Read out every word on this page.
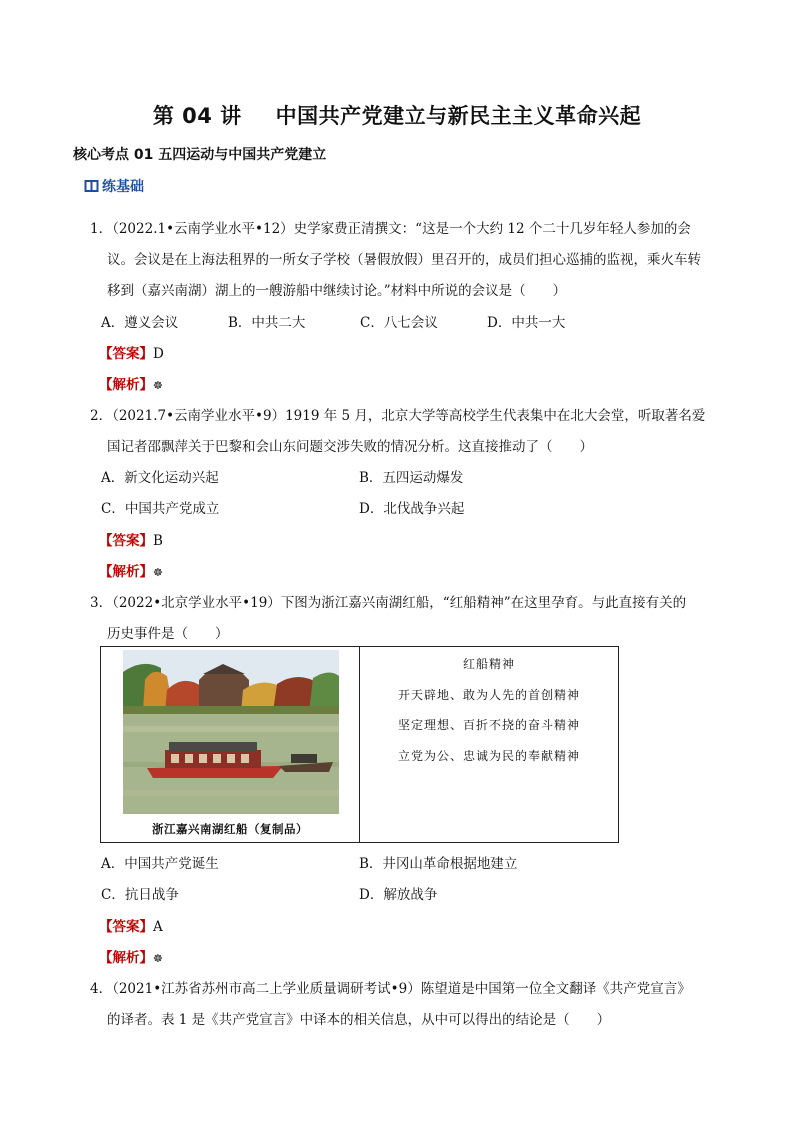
第 04 讲 中国共产党建立与新民主主义革命兴起
核心考点 01 五四运动与中国共产党建立
练基础
1．（2022.1•云南学业水平•12）史学家费正清撰文：“这是一个大约 12 个二十几岁年轻人参加的会
议。会议是在上海法租界的一所女子学校（暑假放假）里召开的，成员们担心巡捕的监视，乘火车转
移到（嘉兴南湖）湖上的一艘游船中继续讨论。”材料中所说的会议是（　　）
A．遵义会议	B．中共二大	C．八七会议	D．中共一大
【答案】D
【解析】☸
2．（2021.7•云南学业水平•9）1919 年 5 月，北京大学等高校学生代表集中在北大会堂，听取著名爱
国记者邵飘萍关于巴黎和会山东问题交涉失败的情况分析。这直接推动了（　　）
A．新文化运动兴起	B．五四运动爆发
C．中国共产党成立	D．北伐战争兴起
【答案】B
【解析】☸
3．（2022•北京学业水平•19）下图为浙江嘉兴南湖红船，“红船精神”在这里孕育。与此直接有关的
历史事件是（　　）
浙江嘉兴南湖红船（复制品）
红船精神
开天辟地、敢为人先的首创精神
坚定理想、百折不挠的奋斗精神
立党为公、忠诚为民的奉献精神
A．中国共产党诞生	B．井冈山革命根据地建立
C．抗日战争	D．解放战争
【答案】A
【解析】☸
4．（2021•江苏省苏州市高二上学业质量调研考试•9）陈望道是中国第一位全文翻译《共产党宣言》
的译者。表 1 是《共产党宣言》中译本的相关信息，从中可以得出的结论是（　　）
